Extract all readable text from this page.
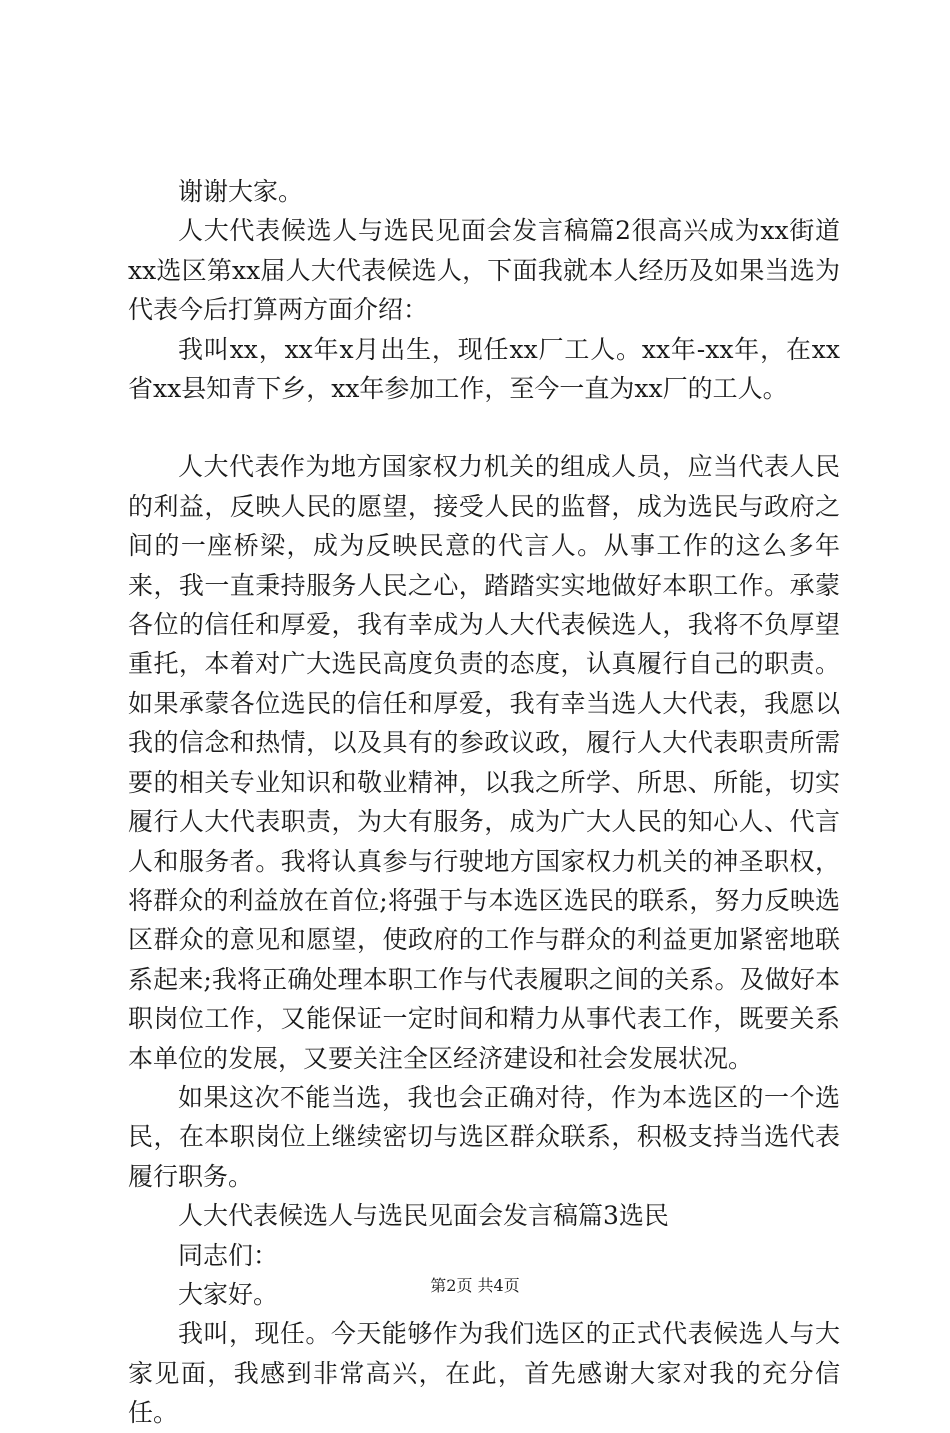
谢谢大家。

人大代表候选人与选民见面会发言稿篇2很高兴成为xx街道xx选区第xx届人大代表候选人，下面我就本人经历及如果当选为代表今后打算两方面介绍：

我叫xx，xx年x月出生，现任xx厂工人。xx年-xx年，在xx省xx县知青下乡，xx年参加工作，至今一直为xx厂的工人。

人大代表作为地方国家权力机关的组成人员，应当代表人民的利益，反映人民的愿望，接受人民的监督，成为选民与政府之间的一座桥梁，成为反映民意的代言人。从事工作的这么多年来，我一直秉持服务人民之心，踏踏实实地做好本职工作。承蒙各位的信任和厚爱，我有幸成为人大代表候选人，我将不负厚望重托，本着对广大选民高度负责的态度，认真履行自己的职责。如果承蒙各位选民的信任和厚爱，我有幸当选人大代表，我愿以我的信念和热情，以及具有的参政议政，履行人大代表职责所需要的相关专业知识和敬业精神，以我之所学、所思、所能，切实履行人大代表职责，为大有服务，成为广大人民的知心人、代言人和服务者。我将认真参与行驶地方国家权力机关的神圣职权，将群众的利益放在首位;将强于与本选区选民的联系，努力反映选区群众的意见和愿望，使政府的工作与群众的利益更加紧密地联系起来;我将正确处理本职工作与代表履职之间的关系。及做好本职岗位工作，又能保证一定时间和精力从事代表工作，既要关系本单位的发展，又要关注全区经济建设和社会发展状况。

如果这次不能当选，我也会正确对待，作为本选区的一个选民，在本职岗位上继续密切与选区群众联系，积极支持当选代表履行职务。

人大代表候选人与选民见面会发言稿篇3选民

同志们：

大家好。

我叫，现任。今天能够作为我们选区的正式代表候选人与大家见面，我感到非常高兴，在此，首先感谢大家对我的充分信任。

第2页 共4页
